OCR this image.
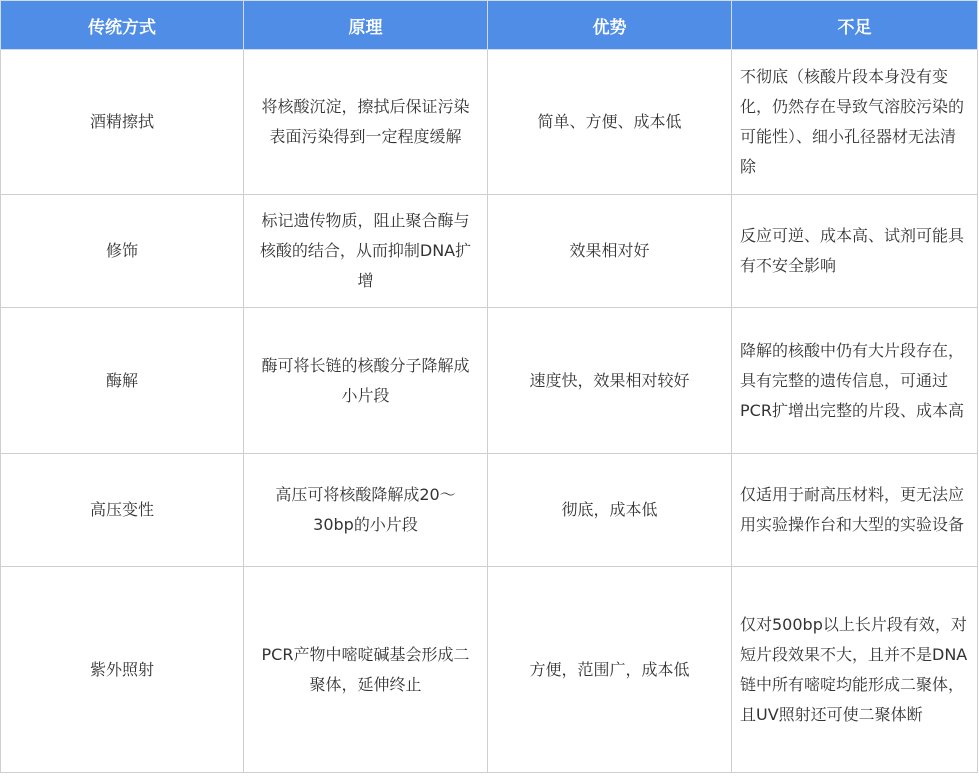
传统方式	原理	优势	不足

酒精擦拭	将核酸沉淀，擦拭后保证污染表面污染得到一定程度缓解	简单、方便、成本低	不彻底（核酸片段本身没有变化，仍然存在导致气溶胶污染的可能性）、细小孔径器材无法清除

修饰	标记遗传物质，阻止聚合酶与核酸的结合，从而抑制DNA扩增	效果相对好	反应可逆、成本高、试剂可能具有不安全影响

酶解	酶可将长链的核酸分子降解成小片段	速度快，效果相对较好	降解的核酸中仍有大片段存在，具有完整的遗传信息，可通过PCR扩增出完整的片段、成本高

高压变性	高压可将核酸降解成20～30bp的小片段	彻底，成本低	仅适用于耐高压材料，更无法应用实验操作台和大型的实验设备

紫外照射	PCR产物中嘧啶碱基会形成二聚体，延伸终止	方便，范围广，成本低	仅对500bp以上长片段有效，对短片段效果不大，且并不是DNA链中所有嘧啶均能形成二聚体，且UV照射还可使二聚体断
